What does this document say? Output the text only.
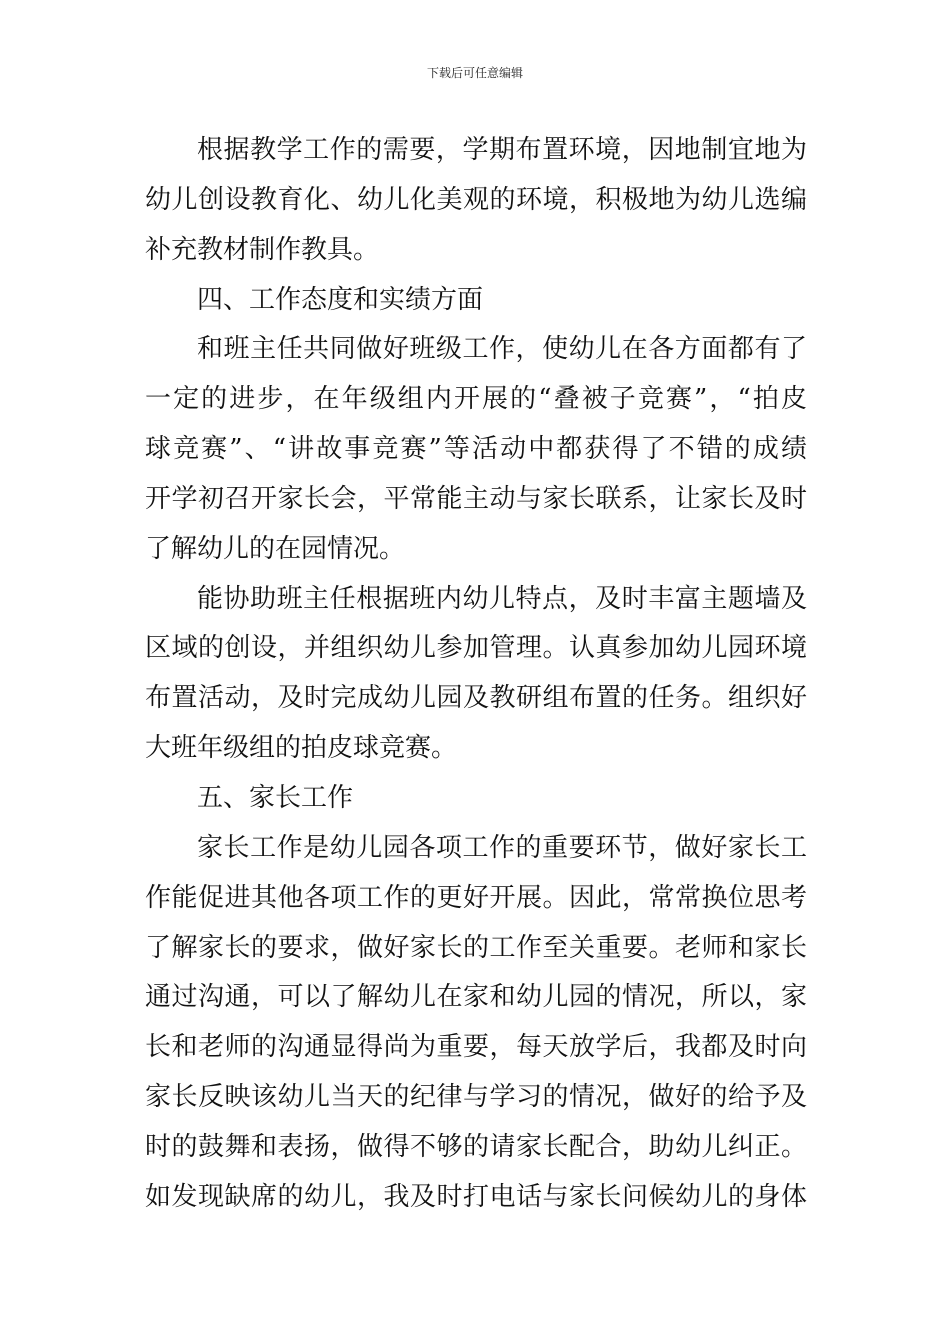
下载后可任意编辑
根据教学工作的需要，学期布置环境，因地制宜地为
幼儿创设教育化、幼儿化美观的环境，积极地为幼儿选编
补充教材制作教具。
四、工作态度和实绩方面
和班主任共同做好班级工作，使幼儿在各方面都有了
一定的进步，在年级组内开展的“叠被子竞赛”，“拍皮
球竞赛”、“讲故事竞赛”等活动中都获得了不错的成绩
开学初召开家长会，平常能主动与家长联系，让家长及时
了解幼儿的在园情况。
能协助班主任根据班内幼儿特点，及时丰富主题墙及
区域的创设，并组织幼儿参加管理。认真参加幼儿园环境
布置活动，及时完成幼儿园及教研组布置的任务。组织好
大班年级组的拍皮球竞赛。
五、家长工作
家长工作是幼儿园各项工作的重要环节，做好家长工
作能促进其他各项工作的更好开展。因此，常常换位思考
了解家长的要求，做好家长的工作至关重要。老师和家长
通过沟通，可以了解幼儿在家和幼儿园的情况，所以，家
长和老师的沟通显得尚为重要，每天放学后，我都及时向
家长反映该幼儿当天的纪律与学习的情况，做好的给予及
时的鼓舞和表扬，做得不够的请家长配合，助幼儿纠正。
如发现缺席的幼儿，我及时打电话与家长问候幼儿的身体
